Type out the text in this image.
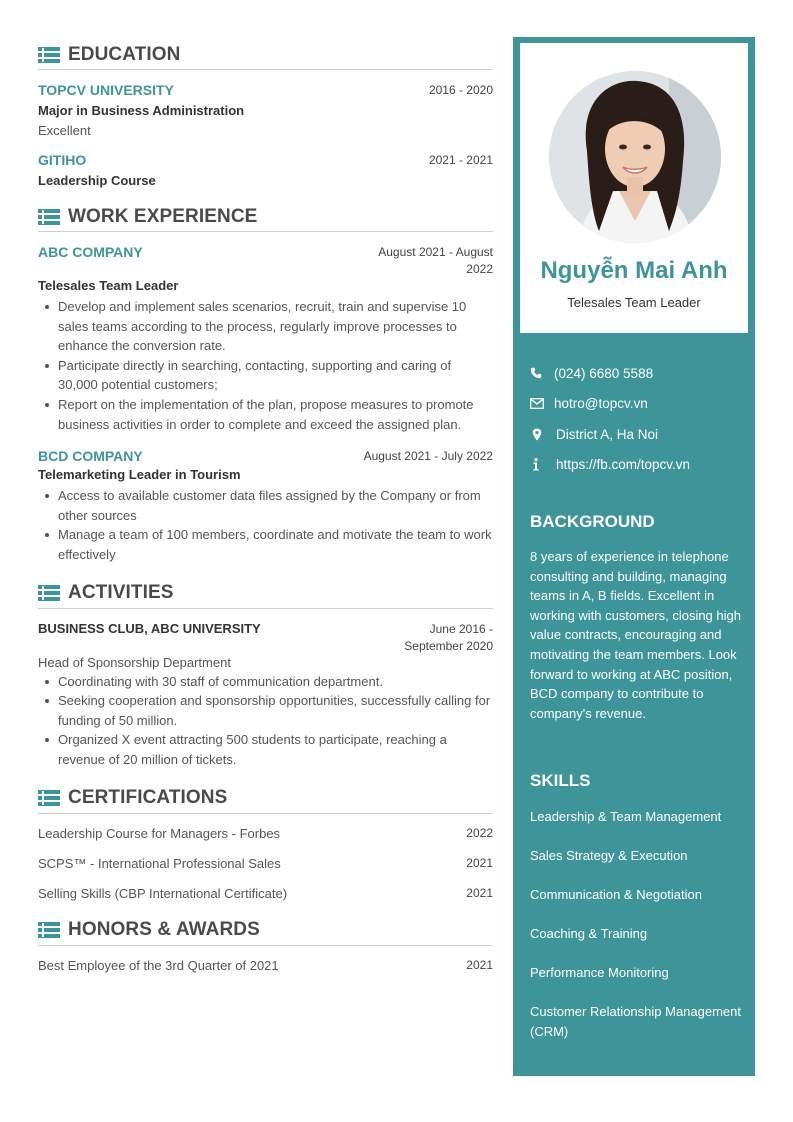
EDUCATION
TOPCV UNIVERSITY	2016 - 2020
Major in Business Administration
Excellent
GITIHO	2021 - 2021
Leadership Course
WORK EXPERIENCE
ABC COMPANY	August 2021 - August
2022
Telesales Team Leader
Develop and implement sales scenarios, recruit, train and supervise 10 sales teams according to the process, regularly improve processes to enhance the conversion rate.
Participate directly in searching, contacting, supporting and caring of 30,000 potential customers;
Report on the implementation of the plan, propose measures to promote business activities in order to complete and exceed the assigned plan.
BCD COMPANY	August 2021 - July 2022
Telemarketing Leader in Tourism
Access to available customer data files assigned by the Company or from other sources
Manage a team of 100 members, coordinate and motivate the team to work effectively
ACTIVITIES
BUSINESS CLUB, ABC UNIVERSITY	June 2016 -
September 2020
Head of Sponsorship Department
Coordinating with 30 staff of communication department.
Seeking cooperation and sponsorship opportunities, successfully calling for funding of 50 million.
Organized X event attracting 500 students to participate, reaching a revenue of 20 million of tickets.
CERTIFICATIONS
Leadership Course for Managers - Forbes	2022
SCPS™ - International Professional Sales	2021
Selling Skills (CBP International Certificate)	2021
HONORS & AWARDS
Best Employee of the 3rd Quarter of 2021	2021
Nguyễn Mai Anh
Telesales Team Leader
(024) 6680 5588
hotro@topcv.vn
District A, Ha Noi
https://fb.com/topcv.vn
BACKGROUND
8 years of experience in telephone consulting and building, managing teams in A, B fields. Excellent in working with customers, closing high value contracts, encouraging and motivating the team members. Look forward to working at ABC position, BCD company to contribute to company's revenue.
SKILLS
Leadership & Team Management
Sales Strategy & Execution
Communication & Negotiation
Coaching & Training
Performance Monitoring
Customer Relationship Management (CRM)
